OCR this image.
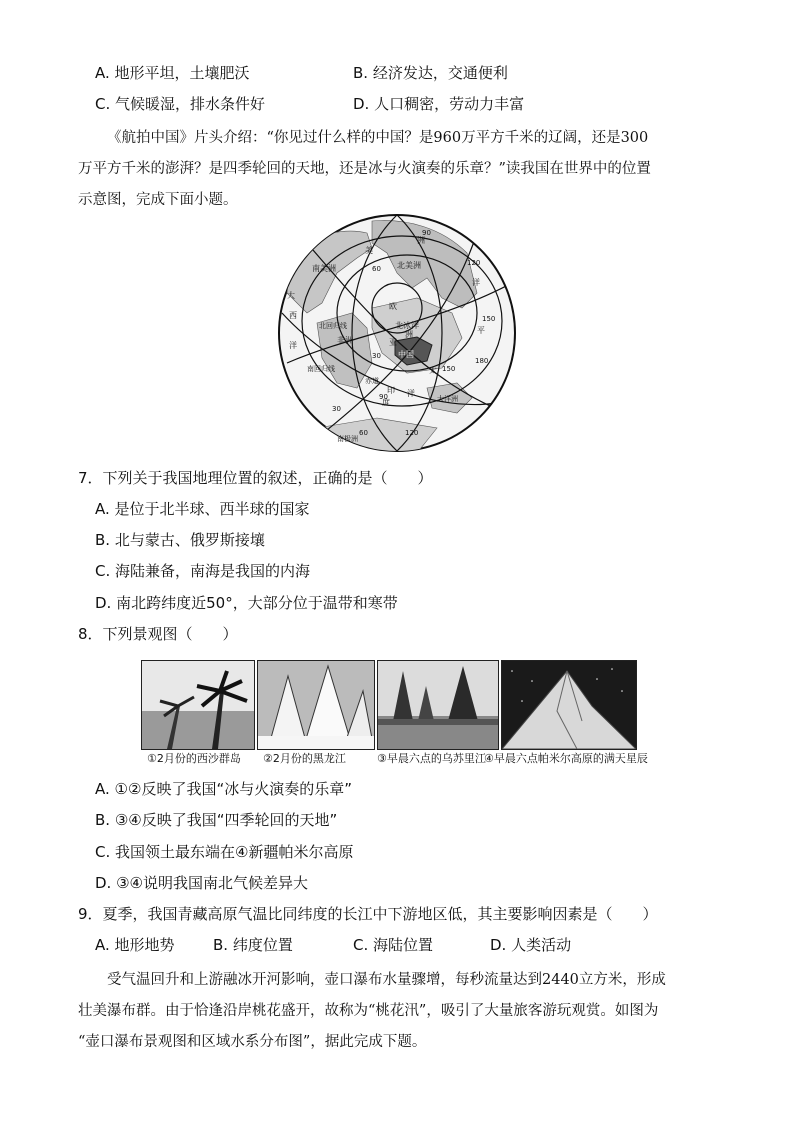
A. 地形平坦，土壤肥沃	B. 经济发达，交通便利
C. 气候暖湿，排水条件好	D. 人口稠密，劳动力丰富

《航拍中国》片头介绍：“你见过什么样的中国？是960万平方千米的辽阔，还是300

万平方千米的澎湃？是四季轮回的天地，还是冰与火演奏的乐章？”读我国在世界中的位置

示意图，完成下面小题。

北美洲
亚
洲
中国
非洲
欧
北冰洋
北回归线
南回归线
赤道
太
平
洋
大
西
洋
印
度
洋
南美洲
大洋洲
南极洲
美
洲
90
120
150
180
60
30
150
90
120
60
30
7．下列关于我国地理位置的叙述，正确的是（　　）
A. 是位于北半球、西半球的国家
B. 北与蒙古、俄罗斯接壤
C. 海陆兼备，南海是我国的内海
D. 南北跨纬度近50°，大部分位于温带和寒带
8．下列景观图（　　）
①2月份的西沙群岛 ②2月份的黑龙江	③早晨六点的乌苏里江
④早晨六点帕米尔高原的满天星辰
A. ①②反映了我国“冰与火演奏的乐章”
B. ③④反映了我国“四季轮回的天地”
C. 我国领土最东端在④新疆帕米尔高原
D. ③④说明我国南北气候差异大
9．夏季，我国青藏高原气温比同纬度的长江中下游地区低，其主要影响因素是（　　）
A. 地形地势	B. 纬度位置	C. 海陆位置	D. 人类活动

受气温回升和上游融冰开河影响，壶口瀑布水量骤增，每秒流量达到2440立方米，形成

壮美瀑布群。由于恰逢沿岸桃花盛开，故称为“桃花汛”，吸引了大量旅客游玩观赏。如图为

“壶口瀑布景观图和区域水系分布图”，据此完成下题。
